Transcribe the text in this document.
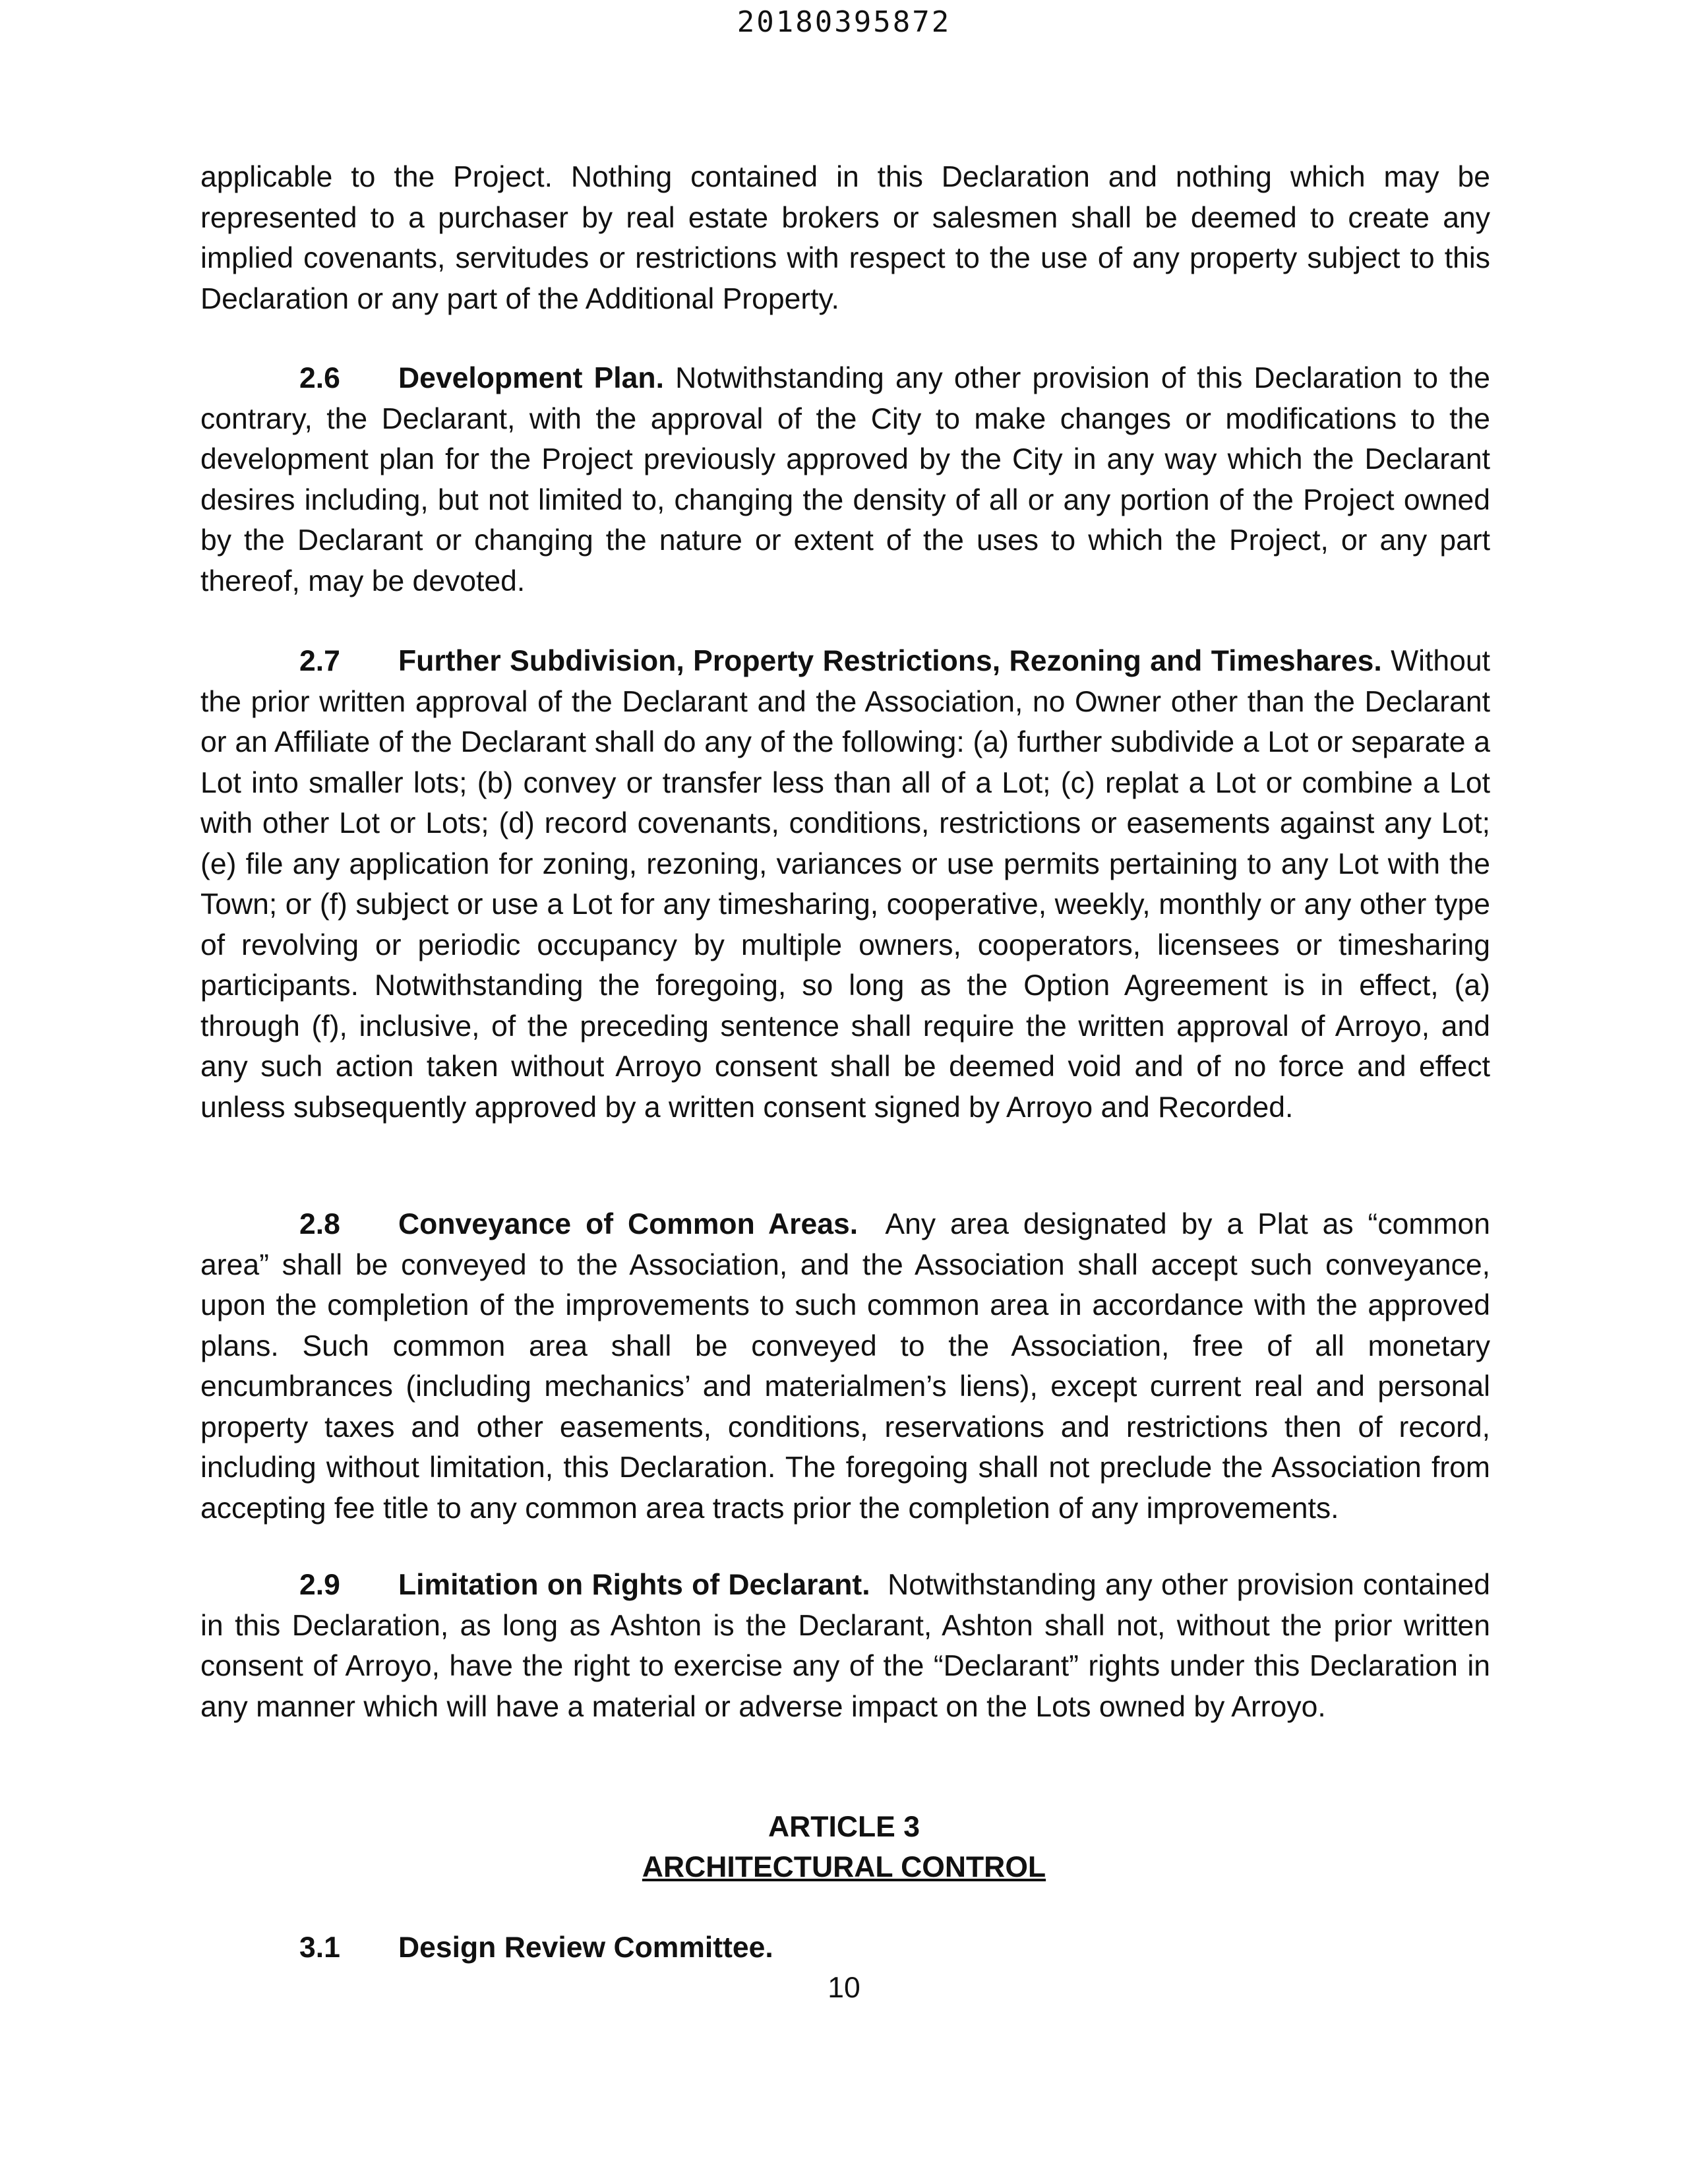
20180395872

applicable to the Project. Nothing contained in this Declaration and nothing which may be represented to a purchaser by real estate brokers or salesmen shall be deemed to create any implied covenants, servitudes or restrictions with respect to the use of any property subject to this Declaration or any part of the Additional Property.

2.6 Development Plan. Notwithstanding any other provision of this Declaration to the contrary, the Declarant, with the approval of the City to make changes or modifications to the development plan for the Project previously approved by the City in any way which the Declarant desires including, but not limited to, changing the density of all or any portion of the Project owned by the Declarant or changing the nature or extent of the uses to which the Project, or any part thereof, may be devoted.

2.7 Further Subdivision, Property Restrictions, Rezoning and Timeshares. Without the prior written approval of the Declarant and the Association, no Owner other than the Declarant or an Affiliate of the Declarant shall do any of the following: (a) further subdivide a Lot or separate a Lot into smaller lots; (b) convey or transfer less than all of a Lot; (c) replat a Lot or combine a Lot with other Lot or Lots; (d) record covenants, conditions, restrictions or easements against any Lot; (e) file any application for zoning, rezoning, variances or use permits pertaining to any Lot with the Town; or (f) subject or use a Lot for any timesharing, cooperative, weekly, monthly or any other type of revolving or periodic occupancy by multiple owners, cooperators, licensees or timesharing participants. Notwithstanding the foregoing, so long as the Option Agreement is in effect, (a) through (f), inclusive, of the preceding sentence shall require the written approval of Arroyo, and any such action taken without Arroyo consent shall be deemed void and of no force and effect unless subsequently approved by a written consent signed by Arroyo and Recorded.

2.8 Conveyance of Common Areas. Any area designated by a Plat as “common area” shall be conveyed to the Association, and the Association shall accept such conveyance, upon the completion of the improvements to such common area in accordance with the approved plans. Such common area shall be conveyed to the Association, free of all monetary encumbrances (including mechanics’ and materialmen’s liens), except current real and personal property taxes and other easements, conditions, reservations and restrictions then of record, including without limitation, this Declaration. The foregoing shall not preclude the Association from accepting fee title to any common area tracts prior the completion of any improvements.

2.9 Limitation on Rights of Declarant. Notwithstanding any other provision contained in this Declaration, as long as Ashton is the Declarant, Ashton shall not, without the prior written consent of Arroyo, have the right to exercise any of the “Declarant” rights under this Declaration in any manner which will have a material or adverse impact on the Lots owned by Arroyo.

ARTICLE 3
ARCHITECTURAL CONTROL
3.1 Design Review Committee.
10
